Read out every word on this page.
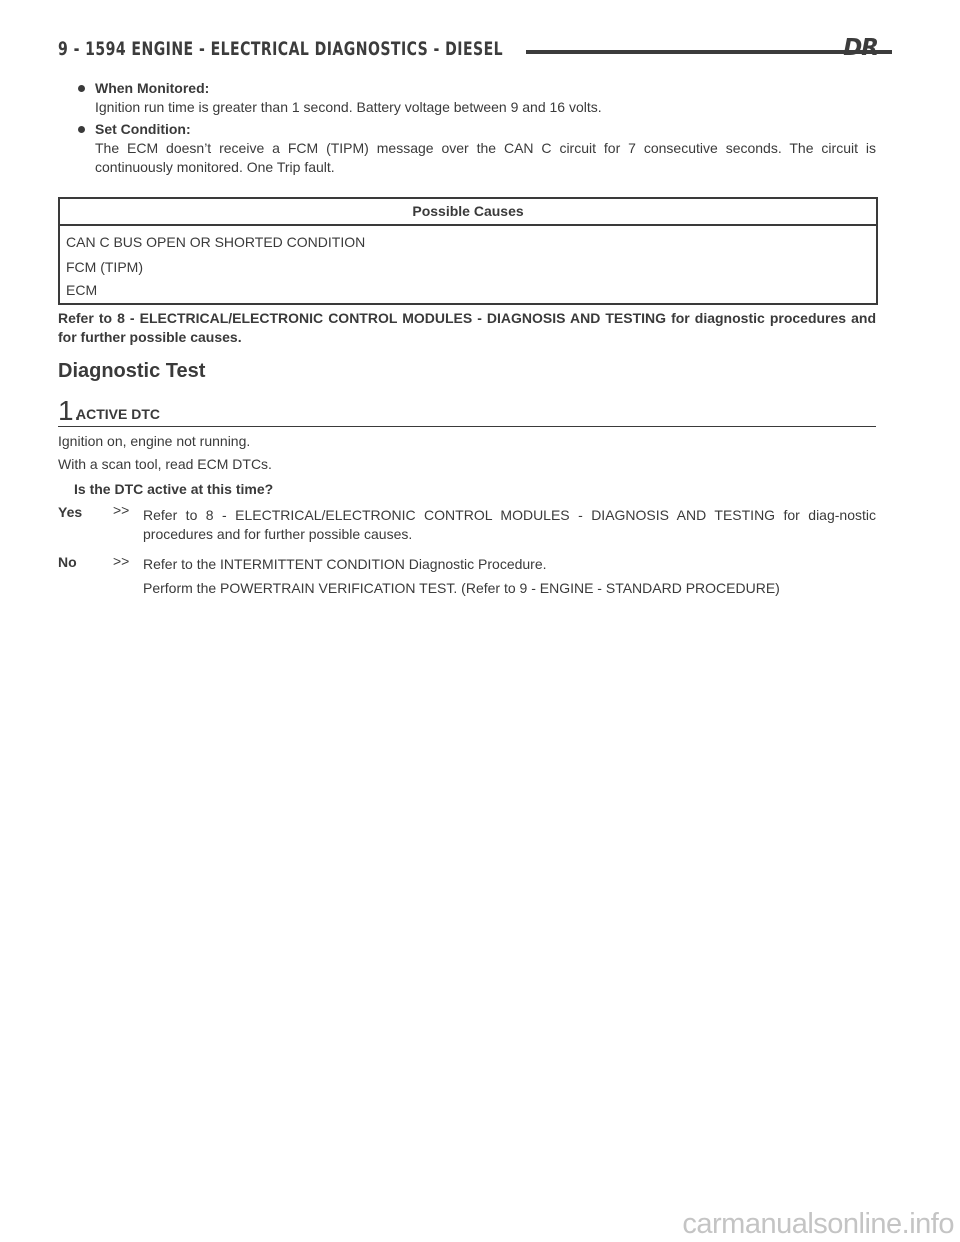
9 - 1594 ENGINE - ELECTRICAL DIAGNOSTICS - DIESEL	DR
When Monitored:
Ignition run time is greater than 1 second. Battery voltage between 9 and 16 volts.
Set Condition:
The ECM doesn’t receive a FCM (TIPM) message over the CAN C circuit for 7 consecutive seconds. The circuit is continuously monitored. One Trip fault.
Possible Causes
CAN C BUS OPEN OR SHORTED CONDITION
FCM (TIPM)
ECM
Refer to 8 - ELECTRICAL/ELECTRONIC CONTROL MODULES - DIAGNOSIS AND TESTING for diagnostic procedures and for further possible causes.
Diagnostic Test
1.
ACTIVE DTC
Ignition on, engine not running.
With a scan tool, read ECM DTCs.
Is the DTC active at this time?
Yes >> Refer to 8 - ELECTRICAL/ELECTRONIC CONTROL MODULES - DIAGNOSIS AND TESTING for diag-nostic procedures and for further possible causes.
No	>> Refer to the INTERMITTENT CONDITION Diagnostic Procedure.
Perform the POWERTRAIN VERIFICATION TEST. (Refer to 9 - ENGINE - STANDARD PROCEDURE)
carmanualsonline.info
